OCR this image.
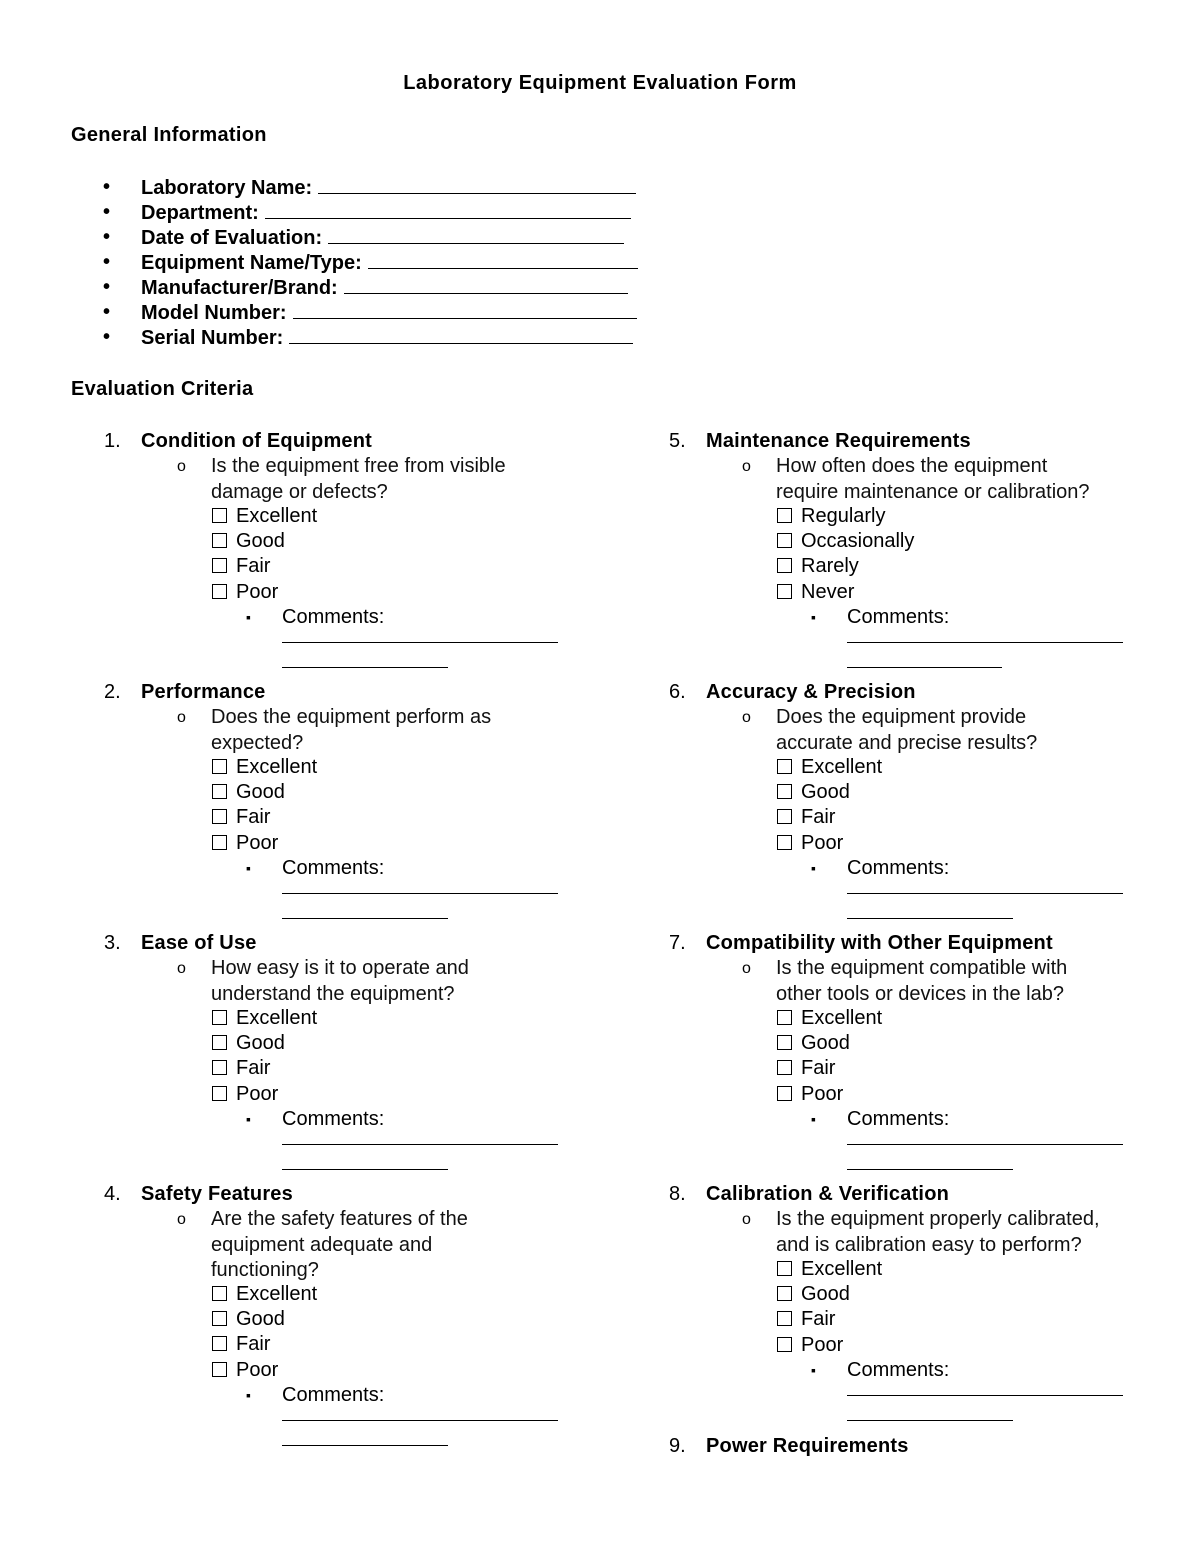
Laboratory Equipment Evaluation Form
General Information
• Laboratory Name:
• Department:
• Date of Evaluation:
• Equipment Name/Type:
• Manufacturer/Brand:
• Model Number:
• Serial Number:
Evaluation Criteria
1.	Condition of Equipment
o Is the equipment free from visible
damage or defects?
Excellent
Good
Fair
Poor
▪ Comments:
2.	Performance
o Does the equipment perform as
expected?
Excellent
Good
Fair
Poor
▪ Comments:
3.	Ease of Use
o How easy is it to operate and
understand the equipment?
Excellent
Good
Fair
Poor
▪ Comments:
4.	Safety Features
o Are the safety features of the
equipment adequate and
functioning?
Excellent
Good
Fair
Poor
▪ Comments:
5.	Maintenance Requirements
o How often does the equipment
require maintenance or calibration?
Regularly
Occasionally
Rarely
Never
▪ Comments:
6.	Accuracy & Precision
o Does the equipment provide
accurate and precise results?
Excellent
Good
Fair
Poor
▪ Comments:
7.	Compatibility with Other Equipment
o Is the equipment compatible with
other tools or devices in the lab?
Excellent
Good
Fair
Poor
▪ Comments:
8.	Calibration & Verification
o Is the equipment properly calibrated,
and is calibration easy to perform?
Excellent
Good
Fair
Poor
▪ Comments:
9.	Power Requirements
